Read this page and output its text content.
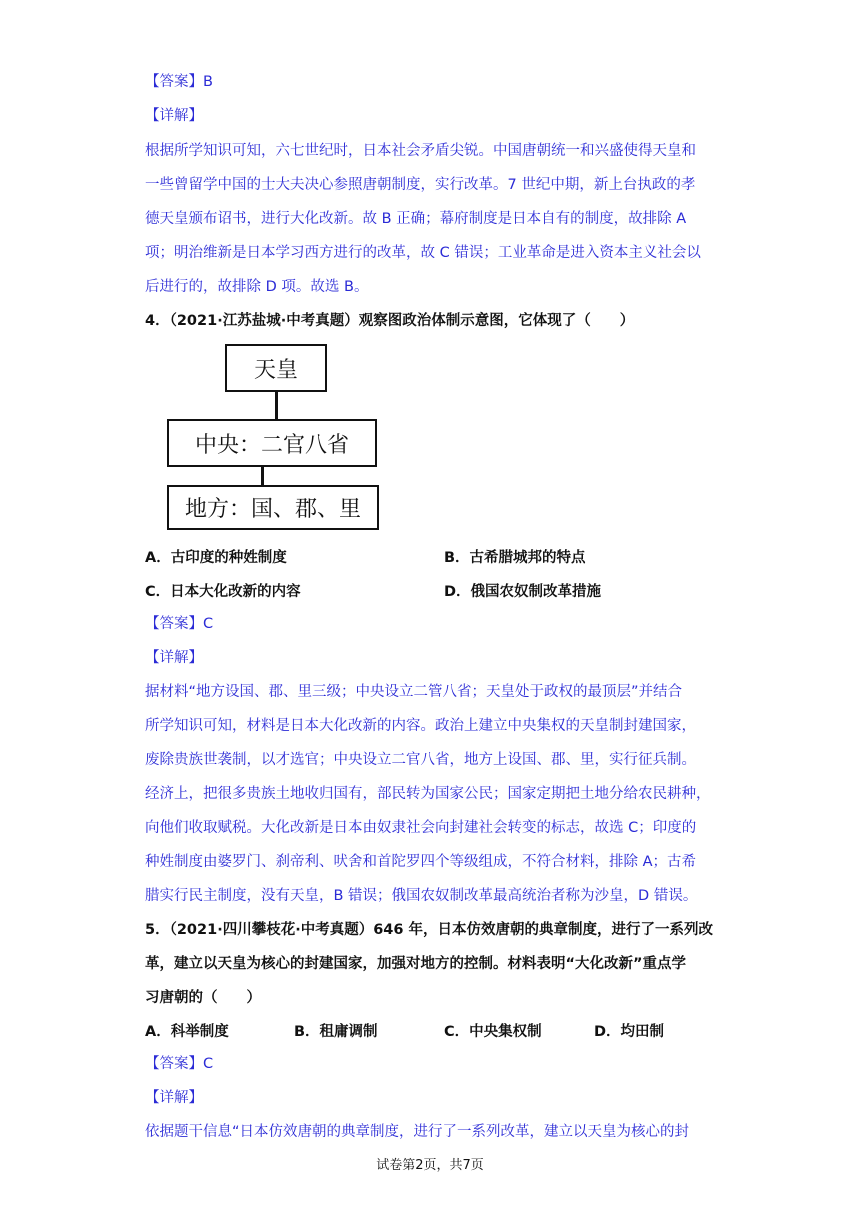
【答案】B
【详解】
根据所学知识可知，六七世纪时，日本社会矛盾尖锐。中国唐朝统一和兴盛使得天皇和
一些曾留学中国的士大夫决心参照唐朝制度，实行改革。7 世纪中期，新上台执政的孝
德天皇颁布诏书，进行大化改新。故 B 正确；幕府制度是日本自有的制度，故排除 A
项；明治维新是日本学习西方进行的改革，故 C 错误；工业革命是进入资本主义社会以
后进行的，故排除 D 项。故选 B。
4．（2021·江苏盐城·中考真题）观察图政治体制示意图，它体现了（　　）
天皇
中央：二官八省
地方：国、郡、里
A．古印度的种姓制度	B．古希腊城邦的特点
C．日本大化改新的内容	D．俄国农奴制改革措施
【答案】C
【详解】
据材料“地方设国、郡、里三级；中央设立二管八省；天皇处于政权的最顶层”并结合
所学知识可知，材料是日本大化改新的内容。政治上建立中央集权的天皇制封建国家，
废除贵族世袭制，以才选官；中央设立二官八省，地方上设国、郡、里，实行征兵制。
经济上，把很多贵族土地收归国有，部民转为国家公民；国家定期把土地分给农民耕种，
向他们收取赋税。大化改新是日本由奴隶社会向封建社会转变的标志，故选 C；印度的
种姓制度由婆罗门、刹帝利、吠舍和首陀罗四个等级组成，不符合材料，排除 A；古希
腊实行民主制度，没有天皇，B 错误；俄国农奴制改革最高统治者称为沙皇，D 错误。
5．（2021·四川攀枝花·中考真题）646 年，日本仿效唐朝的典章制度，进行了一系列改
革，建立以天皇为核心的封建国家，加强对地方的控制。材料表明“大化改新”重点学
习唐朝的（　　）
A．科举制度	B．租庸调制	C．中央集权制	D．均田制
【答案】C
【详解】
依据题干信息“日本仿效唐朝的典章制度，进行了一系列改革，建立以天皇为核心的封
试卷第2页，共7页
